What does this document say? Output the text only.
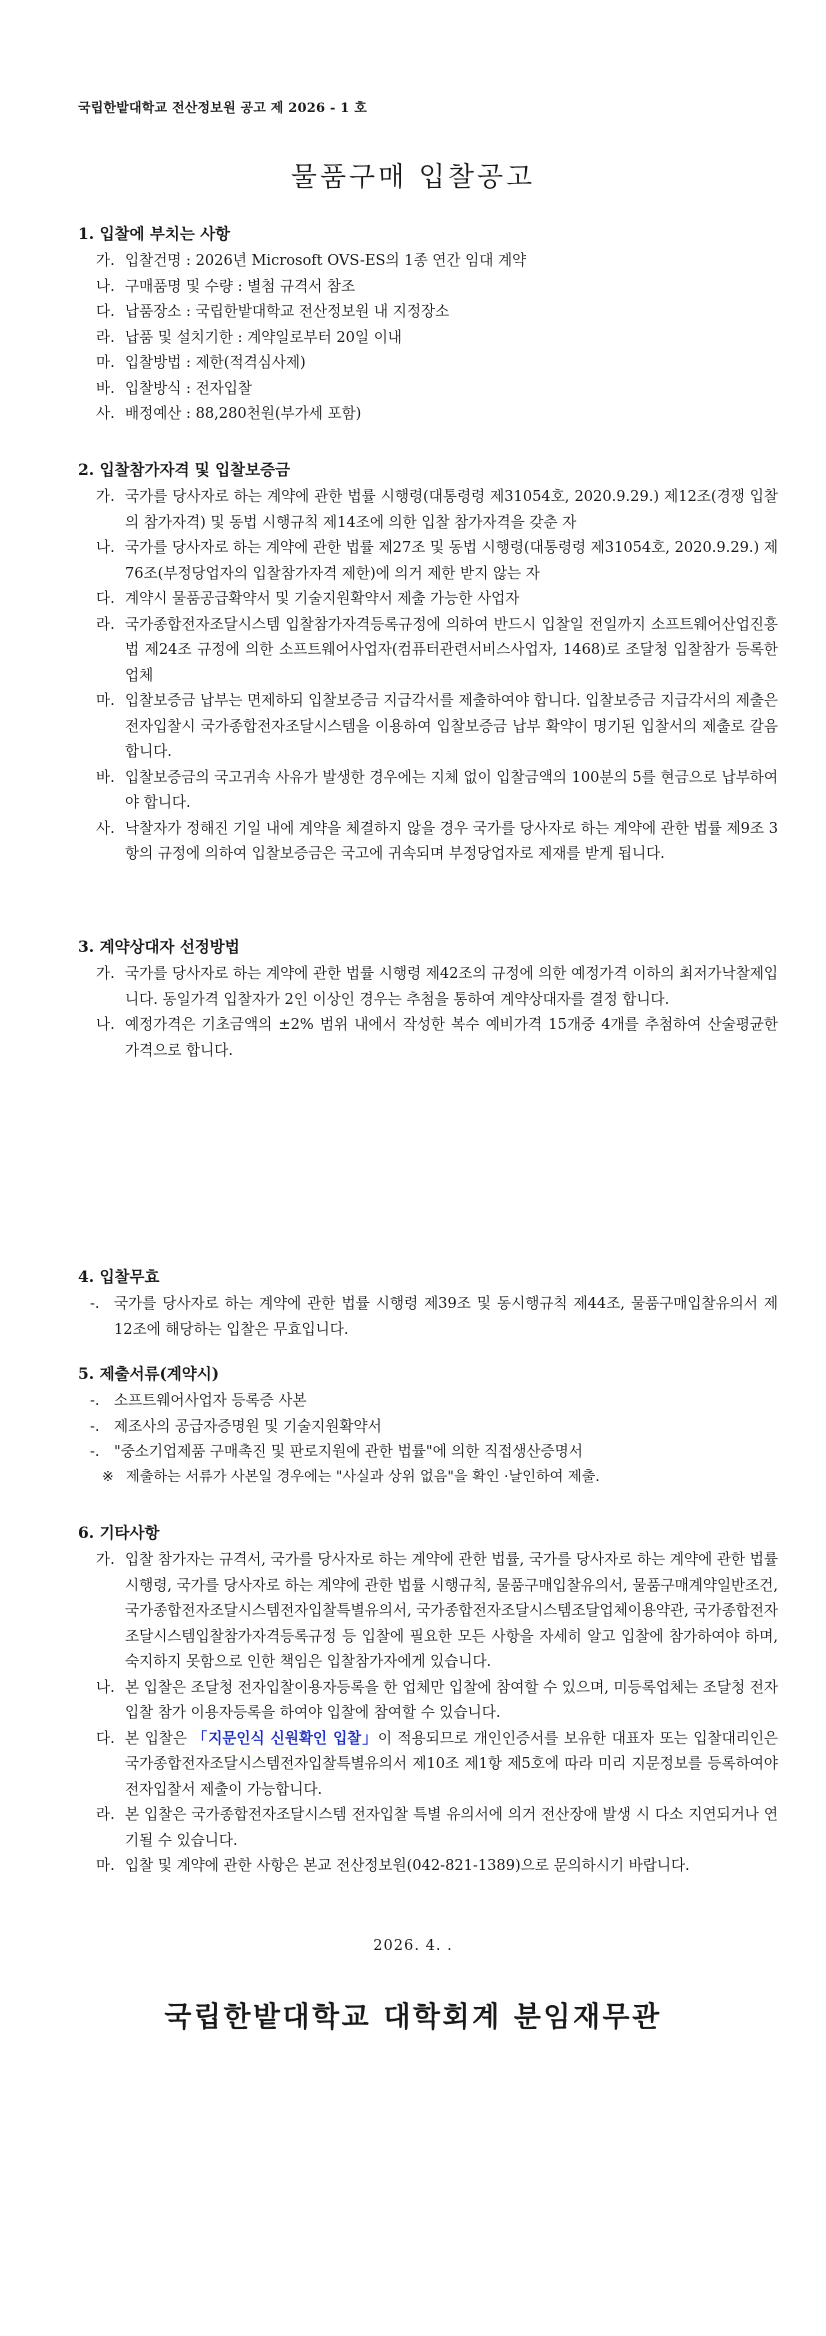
국립한밭대학교 전산정보원 공고 제 2026 - 1 호
물품구매 입찰공고
1. 입찰에 부치는 사항
가. 입찰건명 : 2026년 Microsoft OVS-ES의 1종 연간 임대 계약
나. 구매품명 및 수량 : 별첨 규격서 참조
다. 납품장소 : 국립한밭대학교 전산정보원 내 지정장소
라. 납품 및 설치기한 : 계약일로부터 20일 이내
마. 입찰방법 : 제한(적격심사제)
바. 입찰방식 : 전자입찰
사. 배정예산 : 88,280천원(부가세 포함)
2. 입찰참가자격 및 입찰보증금
가. 국가를 당사자로 하는 계약에 관한 법률 시행령(대통령령 제31054호, 2020.9.29.) 제12조(경쟁 입찰의 참가자격) 및 동법 시행규칙 제14조에 의한 입찰 참가자격을 갖춘 자
나. 국가를 당사자로 하는 계약에 관한 법률 제27조 및 동법 시행령(대통령령 제31054호, 2020.9.29.) 제76조(부정당업자의 입찰참가자격 제한)에 의거 제한 받지 않는 자
다. 계약시 물품공급확약서 및 기술지원확약서 제출 가능한 사업자
라. 국가종합전자조달시스템 입찰참가자격등록규정에 의하여 반드시 입찰일 전일까지 소프트웨어산업진흥법 제24조 규정에 의한 소프트웨어사업자(컴퓨터관련서비스사업자, 1468)로 조달청 입찰참가 등록한 업체
마. 입찰보증금 납부는 면제하되 입찰보증금 지급각서를 제출하여야 합니다. 입찰보증금 지급각서의 제출은 전자입찰시 국가종합전자조달시스템을 이용하여 입찰보증금 납부 확약이 명기된 입찰서의 제출로 갈음합니다.
바. 입찰보증금의 국고귀속 사유가 발생한 경우에는 지체 없이 입찰금액의 100분의 5를 현금으로 납부하여야 합니다.
사. 낙찰자가 정해진 기일 내에 계약을 체결하지 않을 경우 국가를 당사자로 하는 계약에 관한 법률 제9조 3항의 규정에 의하여 입찰보증금은 국고에 귀속되며 부정당업자로 제재를 받게 됩니다.
3. 계약상대자 선정방법
가. 국가를 당사자로 하는 계약에 관한 법률 시행령 제42조의 규정에 의한 예정가격 이하의 최저가낙찰제입니다. 동일가격 입찰자가 2인 이상인 경우는 추첨을 통하여 계약상대자를 결정 합니다.
나. 예정가격은 기초금액의 ±2% 범위 내에서 작성한 복수 예비가격 15개중 4개를 추첨하여 산술평균한 가격으로 합니다.
4. 입찰무효
-. 국가를 당사자로 하는 계약에 관한 법률 시행령 제39조 및 동시행규칙 제44조, 물품구매입찰유의서 제12조에 해당하는 입찰은 무효입니다.
5. 제출서류(계약시)
-. 소프트웨어사업자 등록증 사본
-. 제조사의 공급자증명원 및 기술지원확약서
-. "중소기업제품 구매촉진 및 판로지원에 관한 법률"에 의한 직접생산증명서
※ 제출하는 서류가 사본일 경우에는 "사실과 상위 없음"을 확인 ·날인하여 제출.
6. 기타사항
가. 입찰 참가자는 규격서, 국가를 당사자로 하는 계약에 관한 법률, 국가를 당사자로 하는 계약에 관한 법률 시행령, 국가를 당사자로 하는 계약에 관한 법률 시행규칙, 물품구매입찰유의서, 물품구매계약일반조건, 국가종합전자조달시스템전자입찰특별유의서, 국가종합전자조달시스템조달업체이용약관, 국가종합전자조달시스템입찰참가자격등록규정 등 입찰에 필요한 모든 사항을 자세히 알고 입찰에 참가하여야 하며, 숙지하지 못함으로 인한 책임은 입찰참가자에게 있습니다.
나. 본 입찰은 조달청 전자입찰이용자등록을 한 업체만 입찰에 참여할 수 있으며, 미등록업체는 조달청 전자입찰 참가 이용자등록을 하여야 입찰에 참여할 수 있습니다.
다. 본 입찰은 「지문인식 신원확인 입찰」이 적용되므로 개인인증서를 보유한 대표자 또는 입찰대리인은 국가종합전자조달시스템전자입찰특별유의서 제10조 제1항 제5호에 따라 미리 지문정보를 등록하여야 전자입찰서 제출이 가능합니다.
라. 본 입찰은 국가종합전자조달시스템 전자입찰 특별 유의서에 의거 전산장애 발생 시 다소 지연되거나 연기될 수 있습니다.
마. 입찰 및 계약에 관한 사항은 본교 전산정보원(042-821-1389)으로 문의하시기 바랍니다.
2026. 4. .
국립한밭대학교 대학회계 분임재무관
